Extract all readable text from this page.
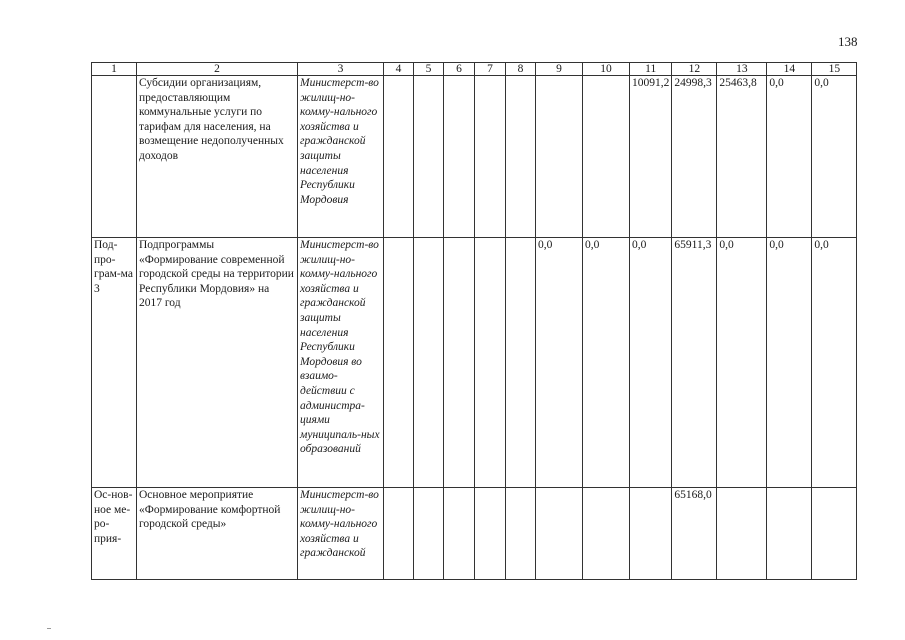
138
1	2	3	4	5	6	7	8	9	10	11	12	13	14	15
	Субсидии организациям, предоставляющим коммунальные услуги по тарифам для населения, на возмещение недополученных доходов	Министерст-во жилищ-но-комму-нального хозяйства и гражданской защиты населения Республики Мордовия								10091,2	24998,3	25463,8	0,0	0,0
Под-про-грам-ма 3	Подпрограммы «Формирование современной городской среды на территории Республики Мордовия» на 2017 год	Министерст-во жилищ-но-комму-нального хозяйства и гражданской защиты населения Республики Мордовия во взаимо-действии с администра-циями муниципаль-ных образований						0,0	0,0	0,0	65911,3	0,0	0,0	0,0
Ос-нов-ное ме-ро-прия-	Основное мероприятие «Формирование комфортной городской среды»	Министерст-во жилищ-но-комму-нального хозяйства и гражданской									65168,0			
